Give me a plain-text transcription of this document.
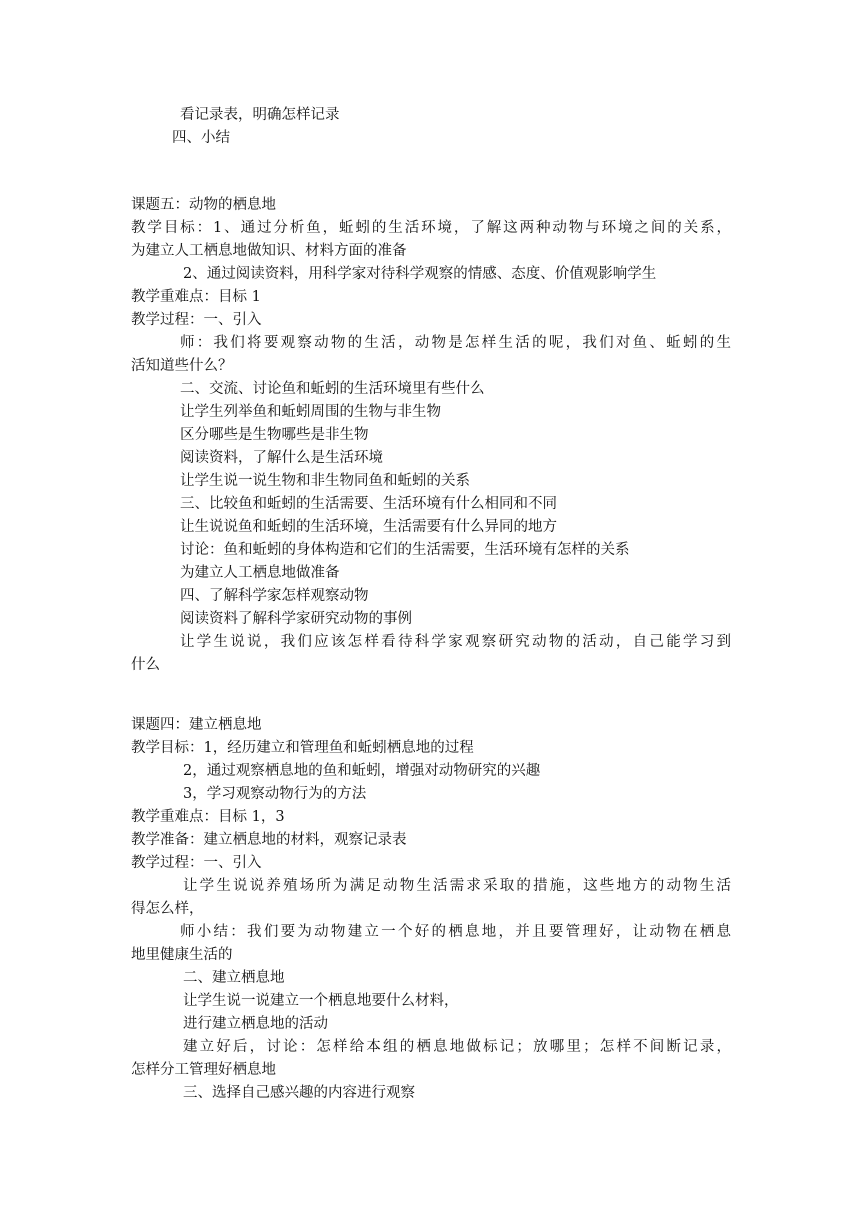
看记录表，明确怎样记录
四、小结
课题五：动物的栖息地
教学目标：1、通过分析鱼，蚯蚓的生活环境，了解这两种动物与环境之间的关系，
为建立人工栖息地做知识、材料方面的准备
2、通过阅读资料，用科学家对待科学观察的情感、态度、价值观影响学生
教学重难点：目标 1
教学过程：一、引入
师：我们将要观察动物的生活，动物是怎样生活的呢，我们对鱼、蚯蚓的生
活知道些什么？
二、交流、讨论鱼和蚯蚓的生活环境里有些什么
让学生列举鱼和蚯蚓周围的生物与非生物
区分哪些是生物哪些是非生物
阅读资料，了解什么是生活环境
让学生说一说生物和非生物同鱼和蚯蚓的关系
三、比较鱼和蚯蚓的生活需要、生活环境有什么相同和不同
让生说说鱼和蚯蚓的生活环境，生活需要有什么异同的地方
讨论：鱼和蚯蚓的身体构造和它们的生活需要，生活环境有怎样的关系
为建立人工栖息地做准备
四、了解科学家怎样观察动物
阅读资料了解科学家研究动物的事例
让学生说说，我们应该怎样看待科学家观察研究动物的活动，自己能学习到
什么
课题四：建立栖息地
教学目标：1，经历建立和管理鱼和蚯蚓栖息地的过程
2，通过观察栖息地的鱼和蚯蚓，增强对动物研究的兴趣
3，学习观察动物行为的方法
教学重难点：目标 1，3
教学准备：建立栖息地的材料，观察记录表
教学过程：一、引入
让学生说说养殖场所为满足动物生活需求采取的措施，这些地方的动物生活
得怎么样，
师小结：我们要为动物建立一个好的栖息地，并且要管理好，让动物在栖息
地里健康生活的
二、建立栖息地
让学生说一说建立一个栖息地要什么材料，
进行建立栖息地的活动
建立好后，讨论：怎样给本组的栖息地做标记；放哪里；怎样不间断记录，
怎样分工管理好栖息地
三、选择自己感兴趣的内容进行观察
